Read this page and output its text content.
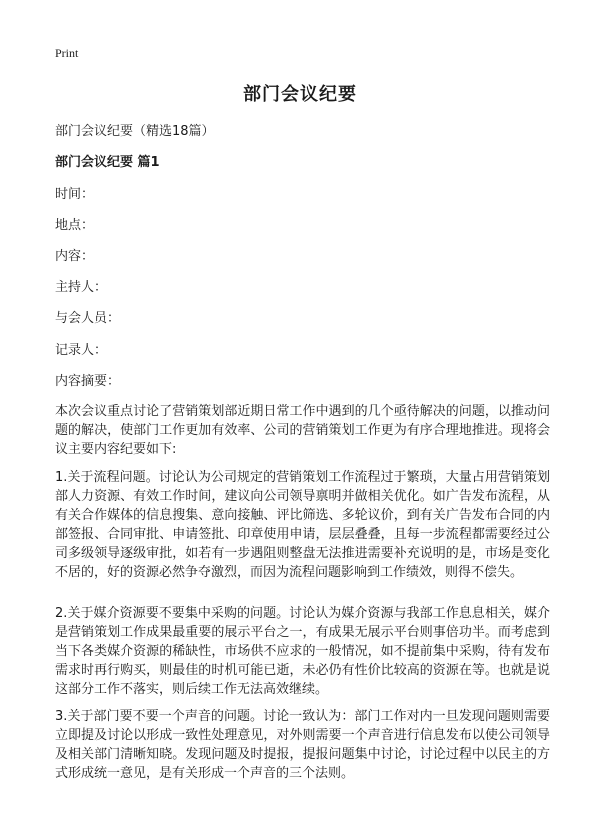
Print
部门会议纪要
部门会议纪要（精选18篇）
部门会议纪要 篇1
时间：
地点：
内容：
主持人：
与会人员：
记录人：
内容摘要：

本次会议重点讨论了营销策划部近期日常工作中遇到的几个亟待解决的问题，以推动问题的解决，使部门工作更加有效率、公司的营销策划工作更为有序合理地推进。现将会议主要内容纪要如下:

1.关于流程问题。讨论认为公司规定的营销策划工作流程过于繁琐，大量占用营销策划部人力资源、有效工作时间，建议向公司领导禀明并做相关优化。如广告发布流程，从有关合作媒体的信息搜集、意向接触、评比筛选、多轮议价，到有关广告发布合同的内部签报、合同审批、申请签批、印章使用申请，层层叠叠，且每一步流程都需要经过公司多级领导逐级审批，如若有一步遇阻则整盘无法推进需要补充说明的是，市场是变化不居的，好的资源必然争夺激烈，而因为流程问题影响到工作绩效，则得不偿失。

2.关于媒介资源要不要集中采购的问题。讨论认为媒介资源与我部工作息息相关，媒介是营销策划工作成果最重要的展示平台之一，有成果无展示平台则事倍功半。而考虑到当下各类媒介资源的稀缺性，市场供不应求的一般情况，如不提前集中采购，待有发布需求时再行购买，则最佳的时机可能已逝，未必仍有性价比较高的资源在等。也就是说这部分工作不落实，则后续工作无法高效继续。

3.关于部门要不要一个声音的问题。讨论一致认为：部门工作对内一旦发现问题则需要立即提及讨论以形成一致性处理意见，对外则需要一个声音进行信息发布以使公司领导及相关部门清晰知晓。发现问题及时提报，提报问题集中讨论，讨论过程中以民主的方式形成统一意见，是有关形成一个声音的三个法则。
